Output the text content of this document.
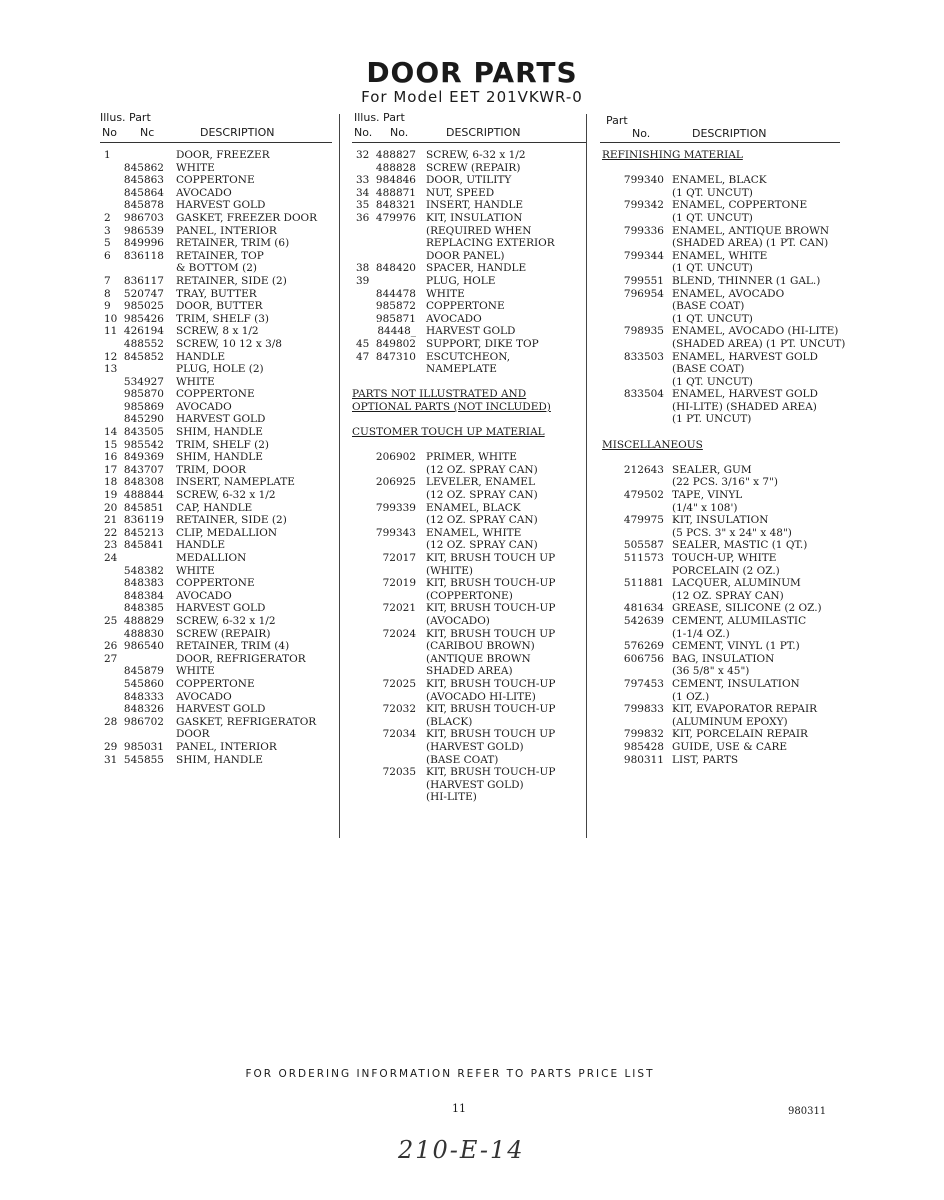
DOOR PARTS
For Model EET 201VKWR-0
Illus. Part
No Nc	DESCRIPTION
1	DOOR, FREEZER
845862 WHITE
845863 COPPERTONE
845864 AVOCADO
845878 HARVEST GOLD
2	986703 GASKET, FREEZER DOOR
3	986539 PANEL, INTERIOR
5	849996 RETAINER, TRIM (6)
6	836118 RETAINER, TOP
& BOTTOM (2)
7	836117 RETAINER, SIDE (2)
8	520747 TRAY, BUTTER
9	985025 DOOR, BUTTER
10 985426 TRIM, SHELF (3)
11 426194 SCREW, 8 x 1/2
488552 SCREW, 10 12 x 3/8
12 845852 HANDLE
13	PLUG, HOLE (2)
534927 WHITE
985870 COPPERTONE
985869 AVOCADO
845290 HARVEST GOLD
14 843505 SHIM, HANDLE
15 985542 TRIM, SHELF (2)
16 849369 SHIM, HANDLE
17 843707 TRIM, DOOR
18 848308 INSERT, NAMEPLATE
19 488844 SCREW, 6-32 x 1/2
20 845851 CAP, HANDLE
21 836119 RETAINER, SIDE (2)
22 845213 CLIP, MEDALLION
23 845841 HANDLE
24	MEDALLION
548382 WHITE
848383 COPPERTONE
848384 AVOCADO
848385 HARVEST GOLD
25 488829 SCREW, 6-32 x 1/2
488830 SCREW (REPAIR)
26 986540 RETAINER, TRIM (4)
27	DOOR, REFRIGERATOR
845879 WHITE
545860 COPPERTONE
848333 AVOCADO
848326 HARVEST GOLD
28 986702 GASKET, REFRIGERATOR
DOOR
29 985031 PANEL, INTERIOR
31 545855 SHIM, HANDLE
Illus. Part
No. No.	DESCRIPTION
32 488827 SCREW, 6-32 x 1/2
488828 SCREW (REPAIR)
33 984846 DOOR, UTILITY
34 488871 NUT, SPEED
35 848321 INSERT, HANDLE
36 479976 KIT, INSULATION
(REQUIRED WHEN
REPLACING EXTERIOR
DOOR PANEL)
38 848420 SPACER, HANDLE
39	PLUG, HOLE
844478 WHITE
985872 COPPERTONE
985871 AVOCADO
84448_ HARVEST GOLD
45 849802 SUPPORT, DIKE TOP
47 847310 ESCUTCHEON,
NAMEPLATE
PARTS NOT ILLUSTRATED AND
OPTIONAL PARTS (NOT INCLUDED)
CUSTOMER TOUCH UP MATERIAL
206902 PRIMER, WHITE
(12 OZ. SPRAY CAN)
206925 LEVELER, ENAMEL
(12 OZ. SPRAY CAN)
799339 ENAMEL, BLACK
(12 OZ. SPRAY CAN)
799343 ENAMEL, WHITE
(12 OZ. SPRAY CAN)
72017 KIT, BRUSH TOUCH UP
(WHITE)
72019 KIT, BRUSH TOUCH-UP
(COPPERTONE)
72021 KIT, BRUSH TOUCH-UP
(AVOCADO)
72024 KIT, BRUSH TOUCH UP
(CARIBOU BROWN)
(ANTIQUE BROWN
SHADED AREA)
72025 KIT, BRUSH TOUCH-UP
(AVOCADO HI-LITE)
72032 KIT, BRUSH TOUCH-UP
(BLACK)
72034 KIT, BRUSH TOUCH UP
(HARVEST GOLD)
(BASE COAT)
72035 KIT, BRUSH TOUCH-UP
(HARVEST GOLD)
(HI-LITE)
Part
No.	DESCRIPTION
REFINISHING MATERIAL
799340 ENAMEL, BLACK
(1 QT. UNCUT)
799342 ENAMEL, COPPERTONE
(1 QT. UNCUT)
799336 ENAMEL, ANTIQUE BROWN
(SHADED AREA) (1 PT. CAN)
799344 ENAMEL, WHITE
(1 QT. UNCUT)
799551 BLEND, THINNER (1 GAL.)
796954 ENAMEL, AVOCADO
(BASE COAT)
(1 QT. UNCUT)
798935 ENAMEL, AVOCADO (HI-LITE)
(SHADED AREA) (1 PT. UNCUT)
833503 ENAMEL, HARVEST GOLD
(BASE COAT)
(1 QT. UNCUT)
833504 ENAMEL, HARVEST GOLD
(HI-LITE) (SHADED AREA)
(1 PT. UNCUT)
MISCELLANEOUS
212643 SEALER, GUM
(22 PCS. 3/16" x 7")
479502 TAPE, VINYL
(1/4" x 108')
479975 KIT, INSULATION
(5 PCS. 3" x 24" x 48")
505587 SEALER, MASTIC (1 QT.)
511573 TOUCH-UP, WHITE
PORCELAIN (2 OZ.)
511881 LACQUER, ALUMINUM
(12 OZ. SPRAY CAN)
481634 GREASE, SILICONE (2 OZ.)
542639 CEMENT, ALUMILASTIC
(1-1/4 OZ.)
576269 CEMENT, VINYL (1 PT.)
606756 BAG, INSULATION
(36 5/8" x 45")
797453 CEMENT, INSULATION
(1 OZ.)
799833 KIT, EVAPORATOR REPAIR
(ALUMINUM EPOXY)
799832 KIT, PORCELAIN REPAIR
985428 GUIDE, USE & CARE
980311 LIST, PARTS
FOR ORDERING INFORMATION REFER TO PARTS PRICE LIST
11	980311
210-E-14
